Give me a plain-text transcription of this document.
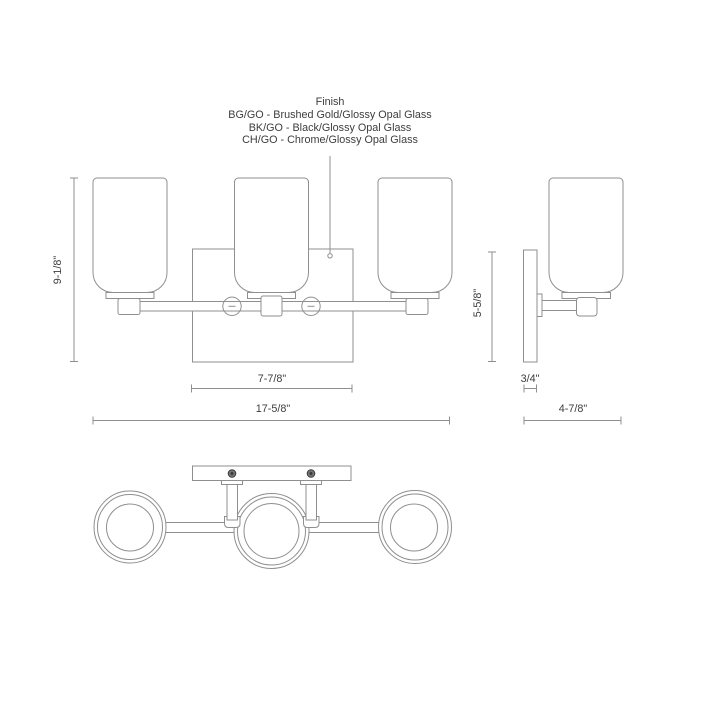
Finish
BG/GO - Brushed Gold/Glossy Opal Glass
BK/GO - Black/Glossy Opal Glass
CH/GO - Chrome/Glossy Opal Glass
9-1/8"
7-7/8"
17-5/8"
5-5/8"
3/4"
4-7/8"
